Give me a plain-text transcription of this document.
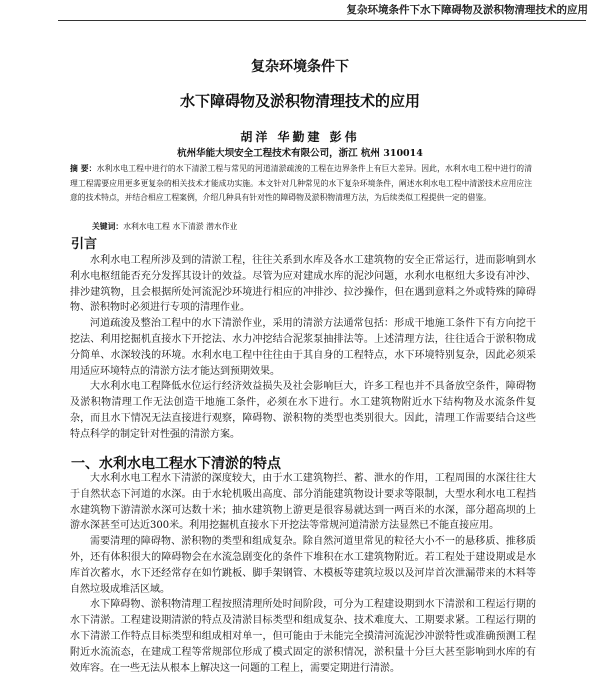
复杂环境条件下水下障碍物及淤积物清理技术的应用
复杂环境条件下
水下障碍物及淤积物清理技术的应用
胡洋 华勤建 彭伟
杭州华能大坝安全工程技术有限公司，浙江 杭州 310014
摘 要：水利水电工程中进行的水下清淤工程与常见的河道清淤疏浚的工程在边界条件上有巨大差异。因此，水利水电工程中进行的清理工程需要应用更多更复杂的相关技术才能成功实施。本文针对几种常见的水下复杂环境条件，阐述水利水电工程中清淤技术应用应注意的技术特点，并结合相应工程案例，介绍几种具有针对性的障碍物及淤积物清理方法，为后续类似工程提供一定的借鉴。
关键词：水利水电工程 水下清淤 潜水作业
引言

水利水电工程所涉及到的清淤工程，往往关系到水库及各水工建筑物的安全正常运行，进而影响到水利水电枢纽能否充分发挥其设计的效益。尽管为应对建成水库的泥沙问题，水利水电枢纽大多设有冲沙、排沙建筑物，且会根据所处河流泥沙环境进行相应的冲排沙、拉沙操作，但在遇到意料之外或特殊的障碍物、淤积物时必须进行专项的清理作业。

河道疏浚及整治工程中的水下清淤作业，采用的清淤方法通常包括：形成干地施工条件下有方向挖干挖法、利用挖掘机直接水下开挖法、水力冲挖结合泥浆泵抽排法等。上述清理方法，往往适合于淤积物成分简单、水深较浅的环境。水利水电工程中往往由于其自身的工程特点，水下环境特别复杂，因此必须采用适应环境特点的清淤方法才能达到预期效果。

大水利水电工程降低水位运行经济效益损失及社会影响巨大，许多工程也并不具备放空条件，障碍物及淤积物清理工作无法创造干地施工条件，必须在水下进行。水工建筑物附近水下结构物及水流条件复杂，而且水下情况无法直接进行观察，障碍物、淤积物的类型也类别很大。因此，清理工作需要结合这些特点科学的制定针对性强的清淤方案。

一、水利水电工程水下清淤的特点

大水利水电工程水下清淤的深度较大，由于水工建筑物拦、蓄、泄水的作用，工程周围的水深往往大于自然状态下河道的水深。由于水轮机吸出高度、部分消能建筑物设计要求等限制，大型水利水电工程挡水建筑物下游清淤水深可达数十米；抽水建筑物上游更是很容易就达到一两百米的水深，部分超高坝的上游水深甚至可达近300米。利用挖掘机直接水下开挖法等常规河道清淤方法显然已不能直接应用。

需要清理的障碍物、淤积物的类型和组成复杂。除自然河道里常见的粒径大小不一的悬移质、推移质外，还有体积很大的障碍物会在水流急剧变化的条件下堆积在水工建筑物附近。若工程处于建设期或是水库首次蓄水，水下还经常存在如竹跳板、脚手架钢管、木模板等建筑垃圾以及河岸首次泄漏带来的木料等自然垃圾成堆活区域。

水下障碍物、淤积物清理工程按照清理所处时间阶段，可分为工程建设期到水下清淤和工程运行期的水下清淤。工程建设期清淤的特点及清淤目标类型和组成复杂、技术难度大、工期要求紧。工程运行期的水下清淤工作特点目标类型和组成相对单一，但可能由于未能完全摸清河流泥沙冲淤特性或准确预测工程附近水流流态，在建成工程等常规部位形成了模式固定的淤积情况，淤积量十分巨大甚至影响到水库的有效库容。在一些无法从根本上解决这一问题的工程上，需要定期进行清淤。
